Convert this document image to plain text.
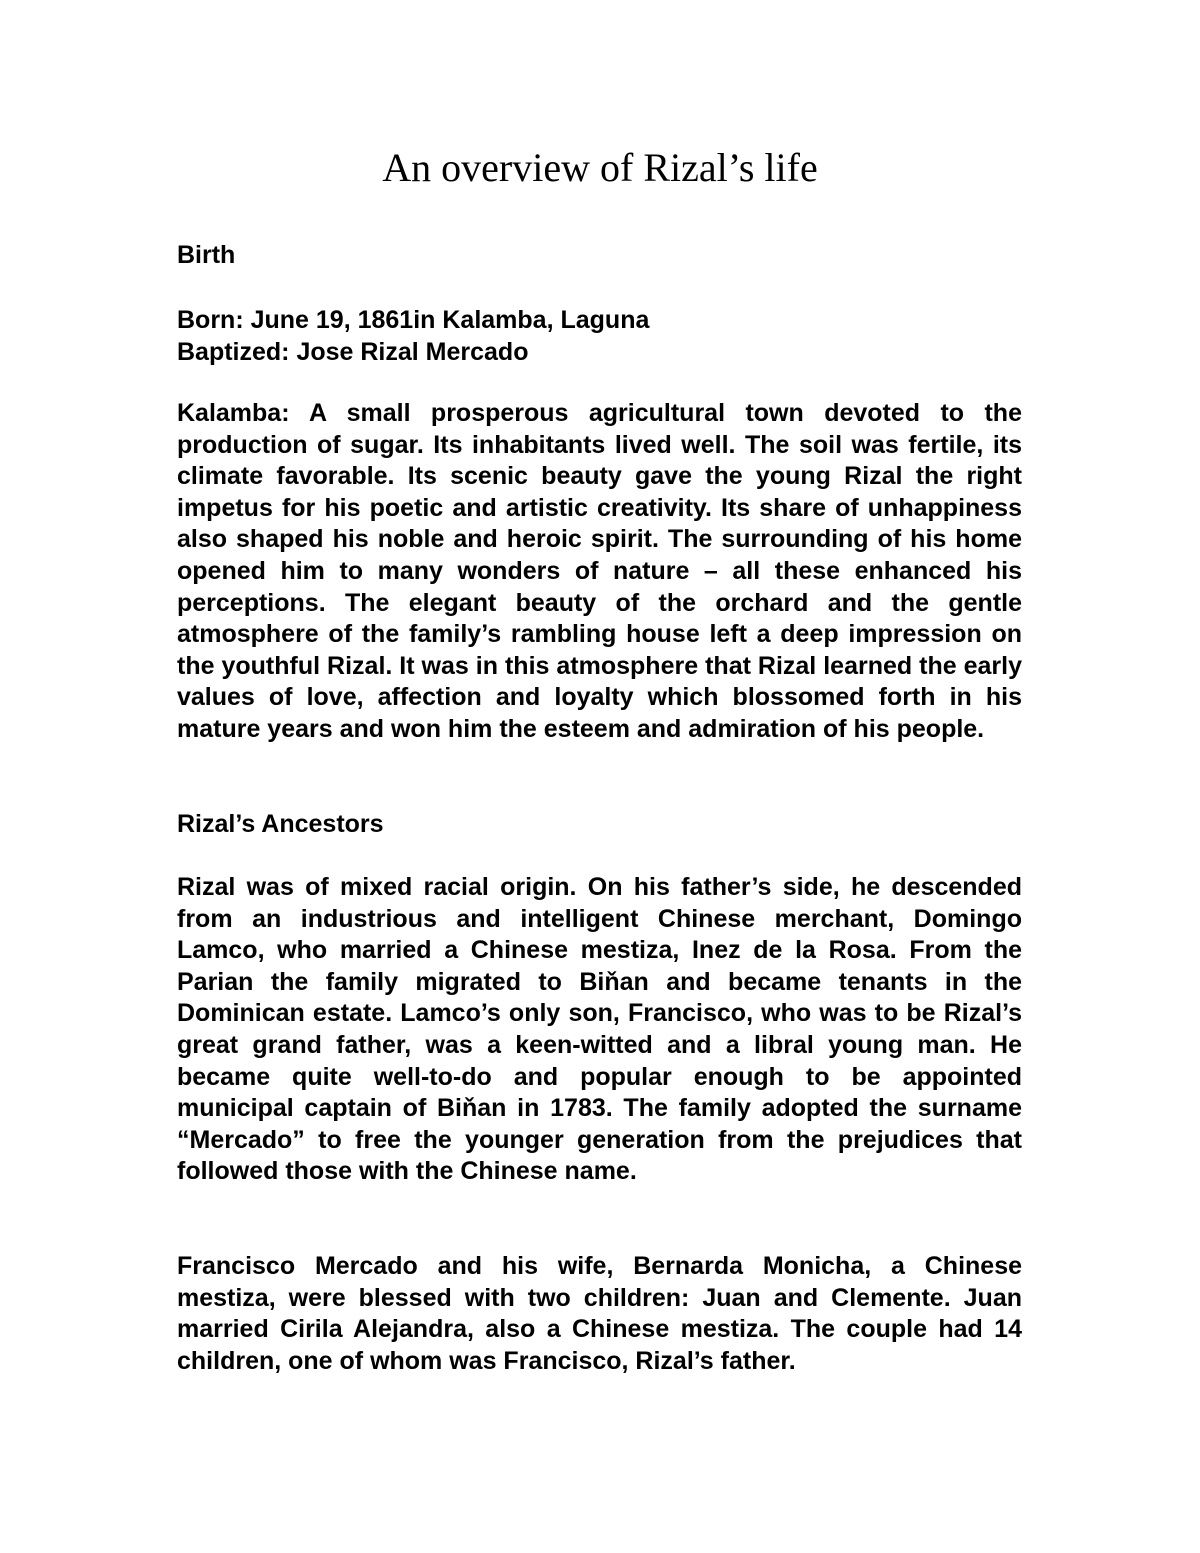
An overview of Rizal’s life
Birth
Born: June 19, 1861in Kalamba, Laguna
Baptized: Jose Rizal Mercado

Kalamba: A small prosperous agricultural town devoted to the production of sugar. Its inhabitants lived well. The soil was fertile, its climate favorable. Its scenic beauty gave the young Rizal the right impetus for his poetic and artistic creativity. Its share of unhappiness also shaped his noble and heroic spirit. The surrounding of his home opened him to many wonders of nature – all these enhanced his perceptions. The elegant beauty of the orchard and the gentle atmosphere of the family’s rambling house left a deep impression on the youthful Rizal. It was in this atmosphere that Rizal learned the early values of love, affection and loyalty which blossomed forth in his mature years and won him the esteem and admiration of his people.

Rizal’s Ancestors

Rizal was of mixed racial origin. On his father’s side, he descended from an industrious and intelligent Chinese merchant, Domingo Lamco, who married a Chinese mestiza, Inez de la Rosa. From the Parian the family migrated to Biňan and became tenants in the Dominican estate. Lamco’s only son, Francisco, who was to be Rizal’s great grand father, was a keen-witted and a libral young man. He became quite well-to-do and popular enough to be appointed municipal captain of Biňan in 1783. The family adopted the surname “Mercado” to free the younger generation from the prejudices that followed those with the Chinese name.

Francisco Mercado and his wife, Bernarda Monicha, a Chinese mestiza, were blessed with two children: Juan and Clemente. Juan married Cirila Alejandra, also a Chinese mestiza. The couple had 14 children, one of whom was Francisco, Rizal’s father.
